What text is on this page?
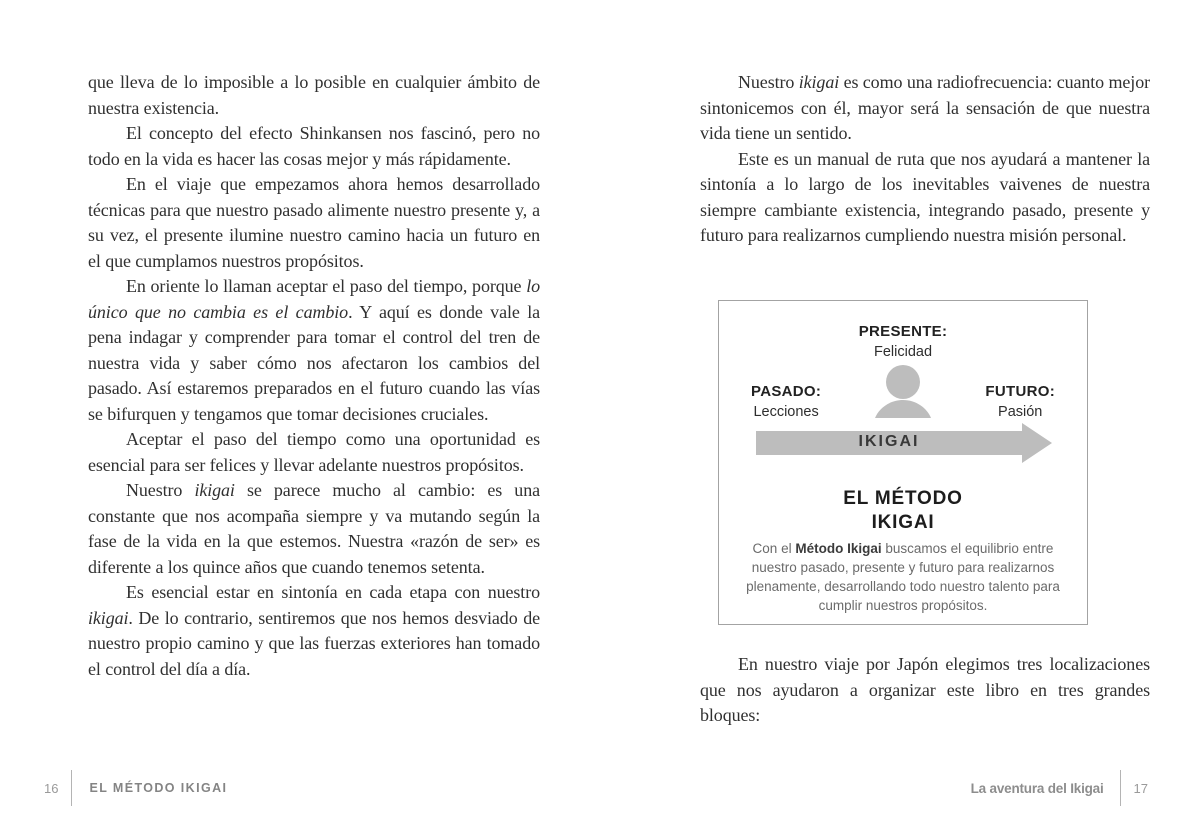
que lleva de lo imposible a lo posible en cualquier ámbito de nuestra existencia.

El concepto del efecto Shinkansen nos fascinó, pero no todo en la vida es hacer las cosas mejor y más rápidamente.

En el viaje que empezamos ahora hemos desarrollado técnicas para que nuestro pasado alimente nuestro presente y, a su vez, el presente ilumine nuestro camino hacia un futuro en el que cumplamos nuestros propósitos.

En oriente lo llaman aceptar el paso del tiempo, porque lo único que no cambia es el cambio. Y aquí es donde vale la pena indagar y comprender para tomar el control del tren de nuestra vida y saber cómo nos afectaron los cambios del pasado. Así estaremos preparados en el futuro cuando las vías se bifurquen y tengamos que tomar decisiones cruciales.

Aceptar el paso del tiempo como una oportunidad es esencial para ser felices y llevar adelante nuestros propósitos.

Nuestro ikigai se parece mucho al cambio: es una constante que nos acompaña siempre y va mutando según la fase de la vida en la que estemos. Nuestra «razón de ser» es diferente a los quince años que cuando tenemos setenta.

Es esencial estar en sintonía en cada etapa con nuestro ikigai. De lo contrario, sentiremos que nos hemos desviado de nuestro propio camino y que las fuerzas exteriores han tomado el control del día a día.

Nuestro ikigai es como una radiofrecuencia: cuanto mejor sintonicemos con él, mayor será la sensación de que nuestra vida tiene un sentido.

Este es un manual de ruta que nos ayudará a mantener la sintonía a lo largo de los inevitables vaivenes de nuestra siempre cambiante existencia, integrando pasado, presente y futuro para realizarnos cumpliendo nuestra misión personal.

PRESENTE:
Felicidad
PASADO:
Lecciones
FUTURO:
Pasión
IKIGAI
EL MÉTODO
IKIGAI
Con el Método Ikigai buscamos el equilibrio entre nuestro pasado, presente y futuro para realizarnos plenamente, desarrollando todo nuestro talento para cumplir nuestros propósitos.

En nuestro viaje por Japón elegimos tres localizaciones que nos ayudaron a organizar este libro en tres grandes bloques:

16 EL MÉTODO IKIGAI	La aventura del Ikigai 17
